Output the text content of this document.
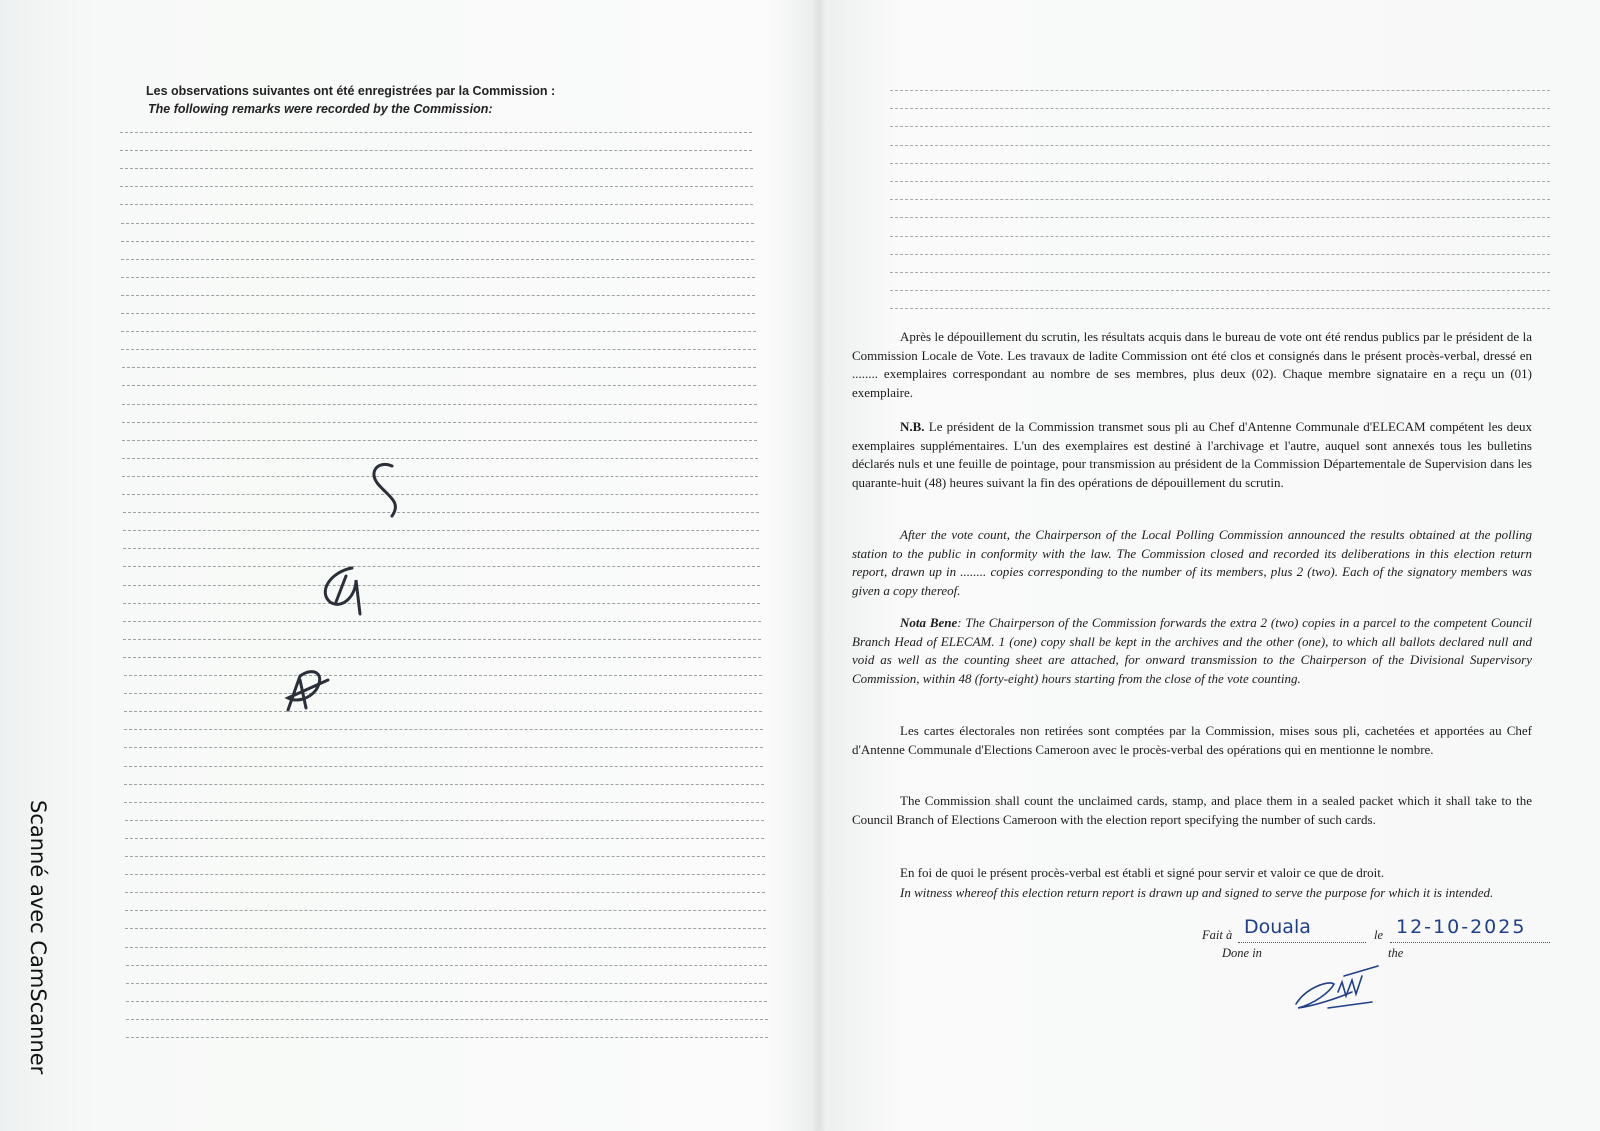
Scanné avec CamScanner
Les observations suivantes ont été enregistrées par la Commission :
The following remarks were recorded by the Commission:

Après le dépouillement du scrutin, les résultats acquis dans le bureau de vote ont été rendus publics par le président de la Commission Locale de Vote. Les travaux de ladite Commission ont été clos et consignés dans le présent procès-verbal, dressé en ........ exemplaires correspondant au nombre de ses membres, plus deux (02). Chaque membre signataire en a reçu un (01) exemplaire.

N.B. Le président de la Commission transmet sous pli au Chef d'Antenne Communale d'ELECAM compétent les deux exemplaires supplémentaires. L'un des exemplaires est destiné à l'archivage et l'autre, auquel sont annexés tous les bulletins déclarés nuls et une feuille de pointage, pour transmission au président de la Commission Départementale de Supervision dans les quarante-huit (48) heures suivant la fin des opérations de dépouillement du scrutin.

After the vote count, the Chairperson of the Local Polling Commission announced the results obtained at the polling station to the public in conformity with the law. The Commission closed and recorded its deliberations in this election return report, drawn up in ........ copies corresponding to the number of its members, plus 2 (two). Each of the signatory members was given a copy thereof.

Nota Bene: The Chairperson of the Commission forwards the extra 2 (two) copies in a parcel to the competent Council Branch Head of ELECAM. 1 (one) copy shall be kept in the archives and the other (one), to which all ballots declared null and void as well as the counting sheet are attached, for onward transmission to the Chairperson of the Divisional Supervisory Commission, within 48 (forty-eight) hours starting from the close of the vote counting.

Les cartes électorales non retirées sont comptées par la Commission, mises sous pli, cachetées et apportées au Chef d'Antenne Communale d'Elections Cameroon avec le procès-verbal des opérations qui en mentionne le nombre.

The Commission shall count the unclaimed cards, stamp, and place them in a sealed packet which it shall take to the Council Branch of Elections Cameroon with the election report specifying the number of such cards.

En foi de quoi le présent procès-verbal est établi et signé pour servir et valoir ce que de droit.

In witness whereof this election return report is drawn up and signed to serve the purpose for which it is intended.

Fait à
Done in
Douala	le
the
12-10-2025
